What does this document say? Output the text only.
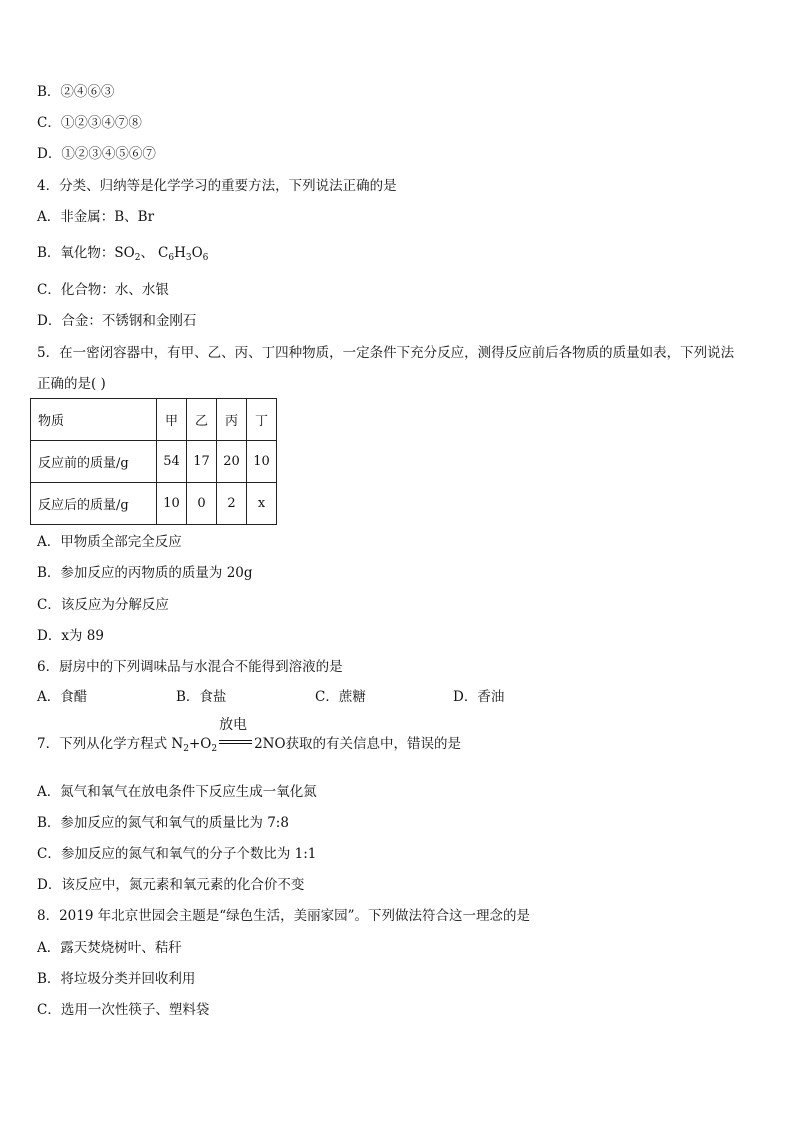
B．②④⑥③
C．①②③④⑦⑧
D．①②③④⑤⑥⑦
4．分类、归纳等是化学学习的重要方法，下列说法正确的是
A．非金属：B、Br
B．氧化物：$SO_2$、 $C_6H_3O_6$
C．化合物：水、水银
D．合金：不锈钢和金刚石
5．在一密闭容器中，有甲、乙、丙、丁四种物质，一定条件下充分反应，测得反应前后各物质的质量如表，下列说法
正确的是( )
物质	甲	乙	丙	丁
反应前的质量/g	54	17	20	10
反应后的质量/g	10	0	2	x
A．甲物质全部完全反应
B．参加反应的丙物质的质量为 20g
C．该反应为分解反应
D．x为 89
6．厨房中的下列调味品与水混合不能得到溶液的是
A．食醋	B．食盐	C．蔗糖	D．香油
7．下列从化学方程式 $N_2+O_2$
放电
2NO获取的有关信息中，错误的是
A．氮气和氧气在放电条件下反应生成一氧化氮
B．参加反应的氮气和氧气的质量比为 7:8
C．参加反应的氮气和氧气的分子个数比为 1:1
D．该反应中，氮元素和氧元素的化合价不变
8．2019 年北京世园会主题是“绿色生活，美丽家园”。下列做法符合这一理念的是
A．露天焚烧树叶、秸秆
B．将垃圾分类并回收利用
C．选用一次性筷子、塑料袋
